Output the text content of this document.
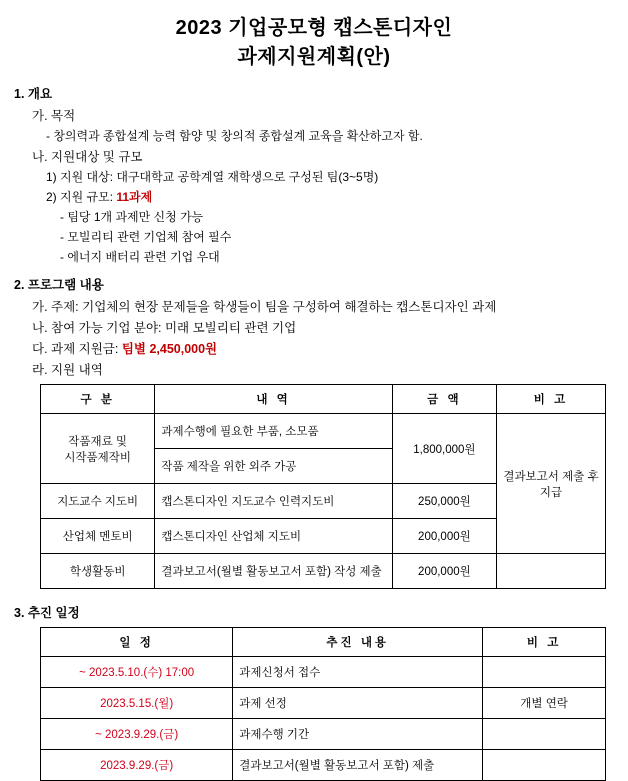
2023 기업공모형 캡스톤디자인
과제지원계획(안)
1. 개요
가. 목적
- 창의력과 종합설계 능력 함양 및 창의적 종합설계 교육을 확산하고자 함.
나. 지원대상 및 규모
1) 지원 대상: 대구대학교 공학계열 재학생으로 구성된 팀(3~5명)
2) 지원 규모: 11과제
- 팀당 1개 과제만 신청 가능
- 모빌리티 관련 기업체 참여 필수
- 에너지 배터리 관련 기업 우대
2. 프로그램 내용
가. 주제: 기업체의 현장 문제들을 학생들이 팀을 구성하여 해결하는 캡스톤디자인 과제
나. 참여 가능 기업 분야: 미래 모빌리티 관련 기업
다. 과제 지원금: 팀별 2,450,000원
라. 지원 내역
구 분	내 역	금 액	비 고

작품재료 및
시작품제작비	과제수행에 필요한 부품, 소모품	1,800,000원	결과보고서 제출 후 지급
	작품 제작을 위한 외주 가공		
지도교수 지도비	캡스톤디자인 지도교수 인력지도비	250,000원	
산업체 멘토비	캡스톤디자인 산업체 지도비	200,000원	
학생활동비	결과보고서(월별 활동보고서 포함) 작성 제출	200,000원	
3. 추진 일정
일 정	추진 내용	비 고
~ 2023.5.10.(수) 17:00	과제신청서 접수	
2023.5.15.(월)	과제 선정	개별 연락
~ 2023.9.29.(금)	과제수행 기간	
2023.9.29.(금)	결과보고서(월별 활동보고서 포함) 제출	
